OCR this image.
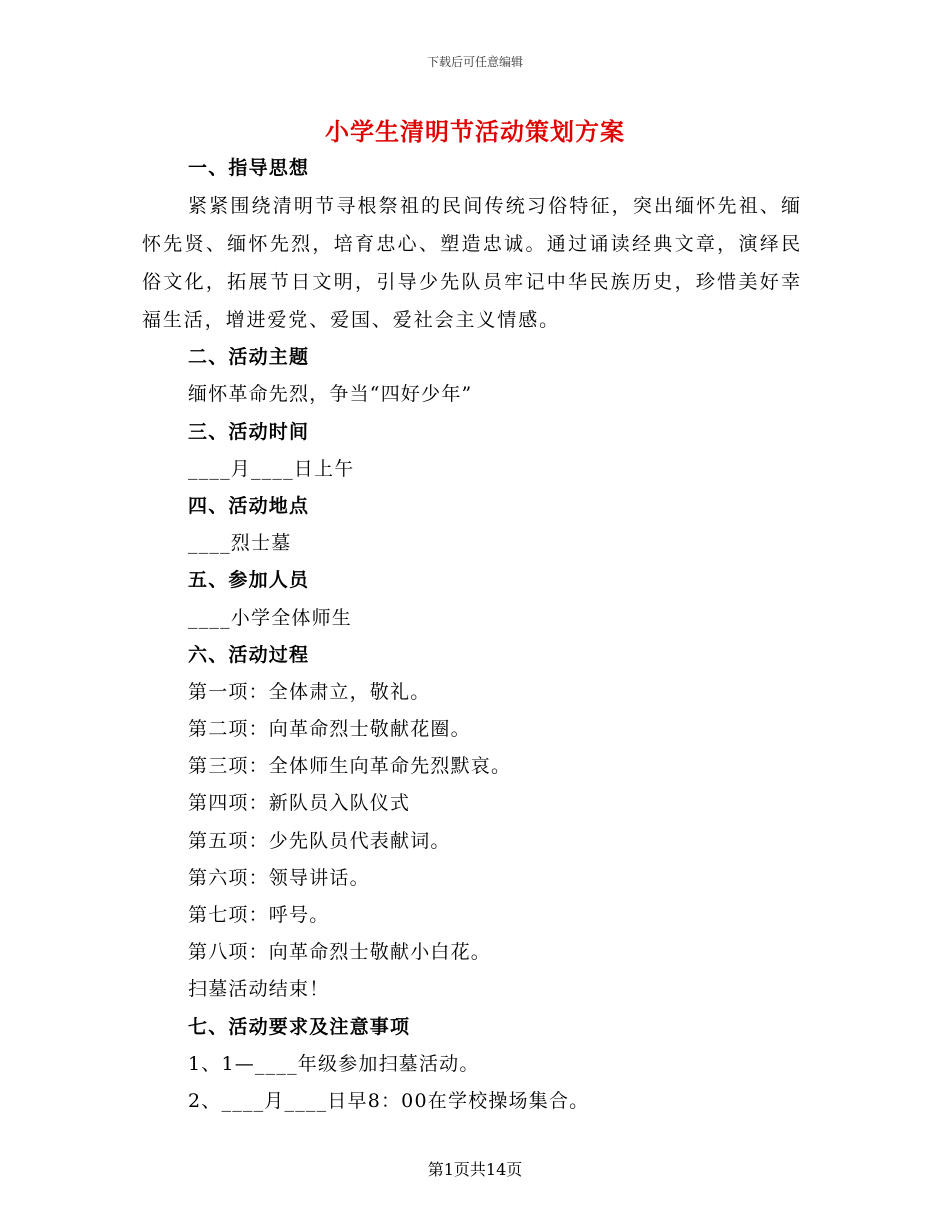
下载后可任意编辑
小学生清明节活动策划方案
一、指导思想
紧紧围绕清明节寻根祭祖的民间传统习俗特征，突出缅怀先祖、缅怀先贤、缅怀先烈，培育忠心、塑造忠诚。通过诵读经典文章，演绎民俗文化，拓展节日文明，引导少先队员牢记中华民族历史，珍惜美好幸福生活，增进爱党、爱国、爱社会主义情感。
二、活动主题
缅怀革命先烈，争当“四好少年”
三、活动时间
____月____日上午
四、活动地点
____烈士墓
五、参加人员
____小学全体师生
六、活动过程
第一项：全体肃立，敬礼。
第二项：向革命烈士敬献花圈。
第三项：全体师生向革命先烈默哀。
第四项：新队员入队仪式
第五项：少先队员代表献词。
第六项：领导讲话。
第七项：呼号。
第八项：向革命烈士敬献小白花。
扫墓活动结束！
七、活动要求及注意事项
1、1—____年级参加扫墓活动。
2、____月____日早8：00在学校操场集合。
第1页共14页
